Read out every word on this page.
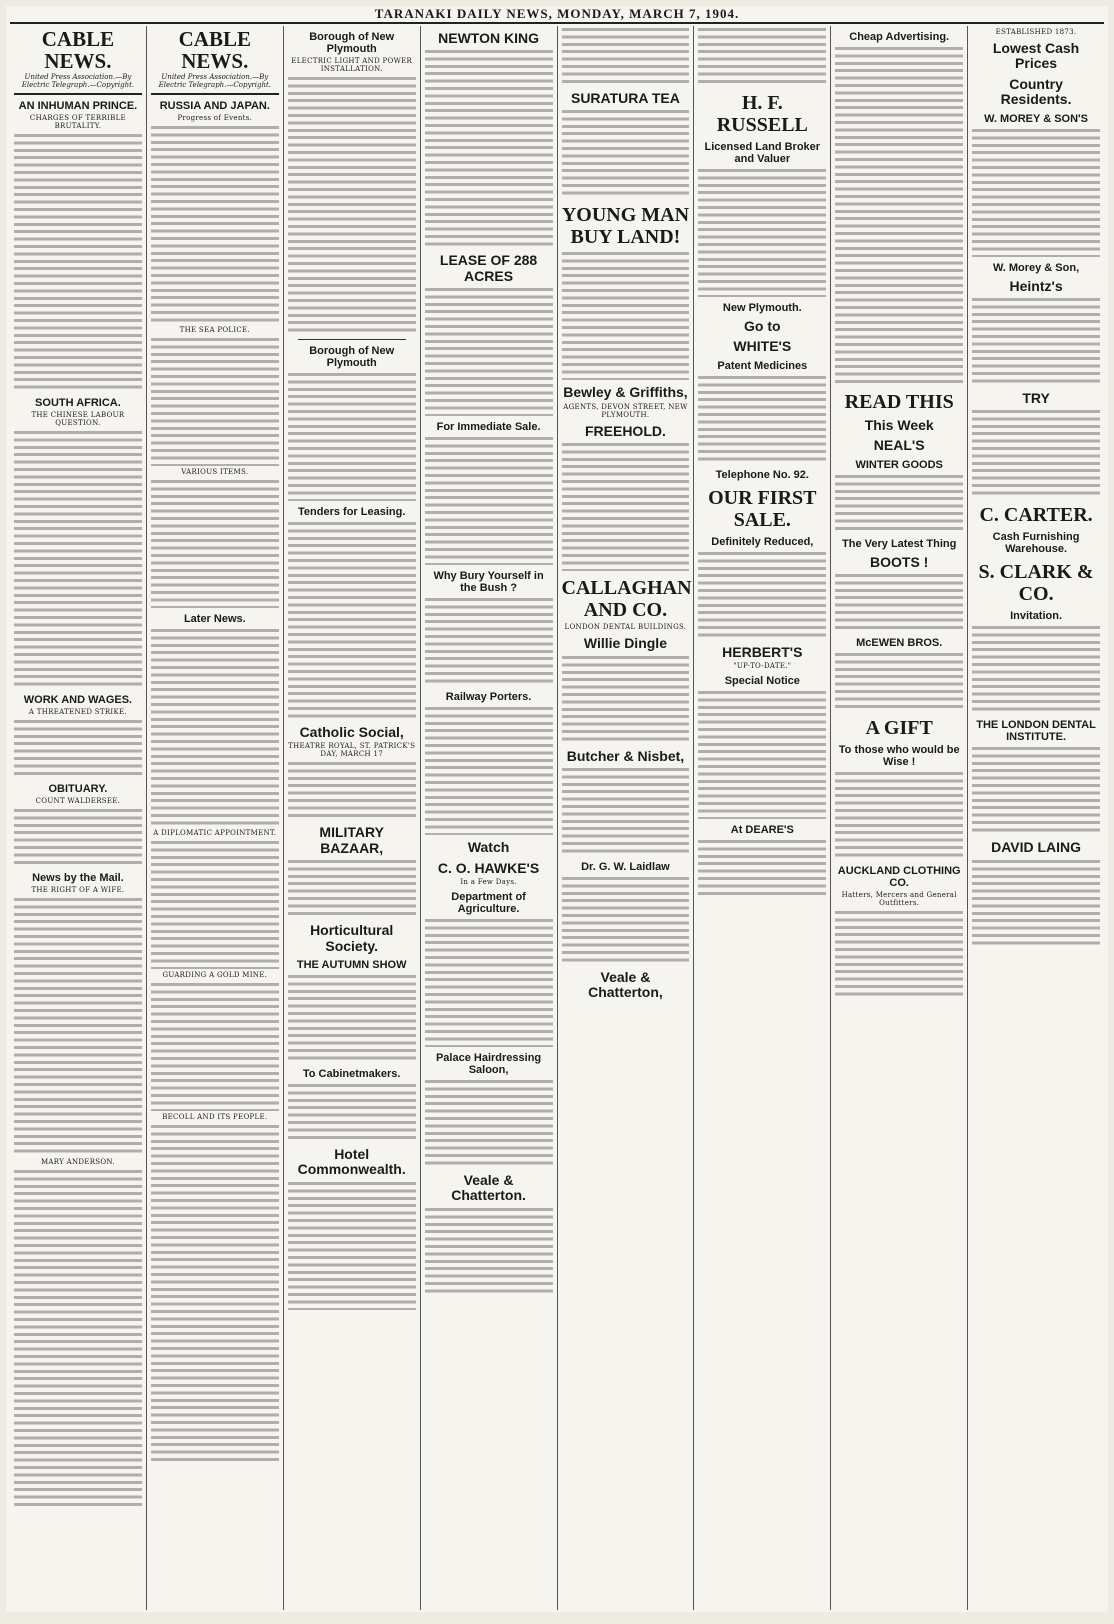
TARANAKI DAILY NEWS, MONDAY, MARCH 7, 1904.
CABLE NEWS.
United Press Association.—By Electric Telegraph.—Copyright.
AN INHUMAN PRINCE.
CHARGES OF TERRIBLE BRUTALITY.
SOUTH AFRICA.
THE CHINESE LABOUR QUESTION.
WORK AND WAGES.
A THREATENED STRIKE.
OBITUARY.
COUNT WALDERSEE.
News by the Mail.
THE RIGHT OF A WIFE.
MARY ANDERSON.
CABLE NEWS.
United Press Association.—By Electric Telegraph.—Copyright.
RUSSIA AND JAPAN.
Progress of Events.
THE SEA POLICE.
VARIOUS ITEMS.
Later News.
A DIPLOMATIC APPOINTMENT.
GUARDING A GOLD MINE.
BECOLL AND ITS PEOPLE.
Borough of New Plymouth
ELECTRIC LIGHT AND POWER INSTALLATION.
Borough of New Plymouth
Tenders for Leasing.
Catholic Social,
THEATRE ROYAL, ST. PATRICK'S DAY, MARCH 17
MILITARY BAZAAR,
Horticultural Society.
THE AUTUMN SHOW
To Cabinetmakers.
Hotel Commonwealth.
NEWTON KING
LEASE OF 288 ACRES
For Immediate Sale.
Why Bury Yourself in the Bush ?
Railway Porters.
Watch
C. O. HAWKE'S
In a Few Days.
Department of Agriculture.
Palace Hairdressing Saloon,
Veale & Chatterton.
SURATURA TEA
YOUNG MAN BUY LAND!
Bewley & Griffiths,
AGENTS, DEVON STREET, NEW PLYMOUTH.
FREEHOLD.
CALLAGHAN AND CO.
LONDON DENTAL BUILDINGS.
Willie Dingle
Butcher & Nisbet,
Dr. G. W. Laidlaw
Veale & Chatterton,
H. F. RUSSELL
Licensed Land Broker and Valuer
New Plymouth.
Go to
WHITE'S
Patent Medicines
Telephone No. 92.
OUR FIRST SALE.
Definitely Reduced,
HERBERT'S
"UP-TO-DATE."
Special Notice
At DEARE'S
Cheap Advertising.
READ THIS
This Week
NEAL'S
WINTER GOODS
The Very Latest Thing
BOOTS !
McEWEN BROS.
A GIFT
To those who would be Wise !
AUCKLAND CLOTHING CO.
Hatters, Mercers and General Outfitters.
ESTABLISHED 1873.
Lowest Cash Prices
Country Residents.
W. MOREY & SON'S
W. Morey & Son,
Heintz's
TRY
C. CARTER.
Cash Furnishing Warehouse.
S. CLARK & CO.
Invitation.
THE LONDON DENTAL INSTITUTE.
DAVID LAING
